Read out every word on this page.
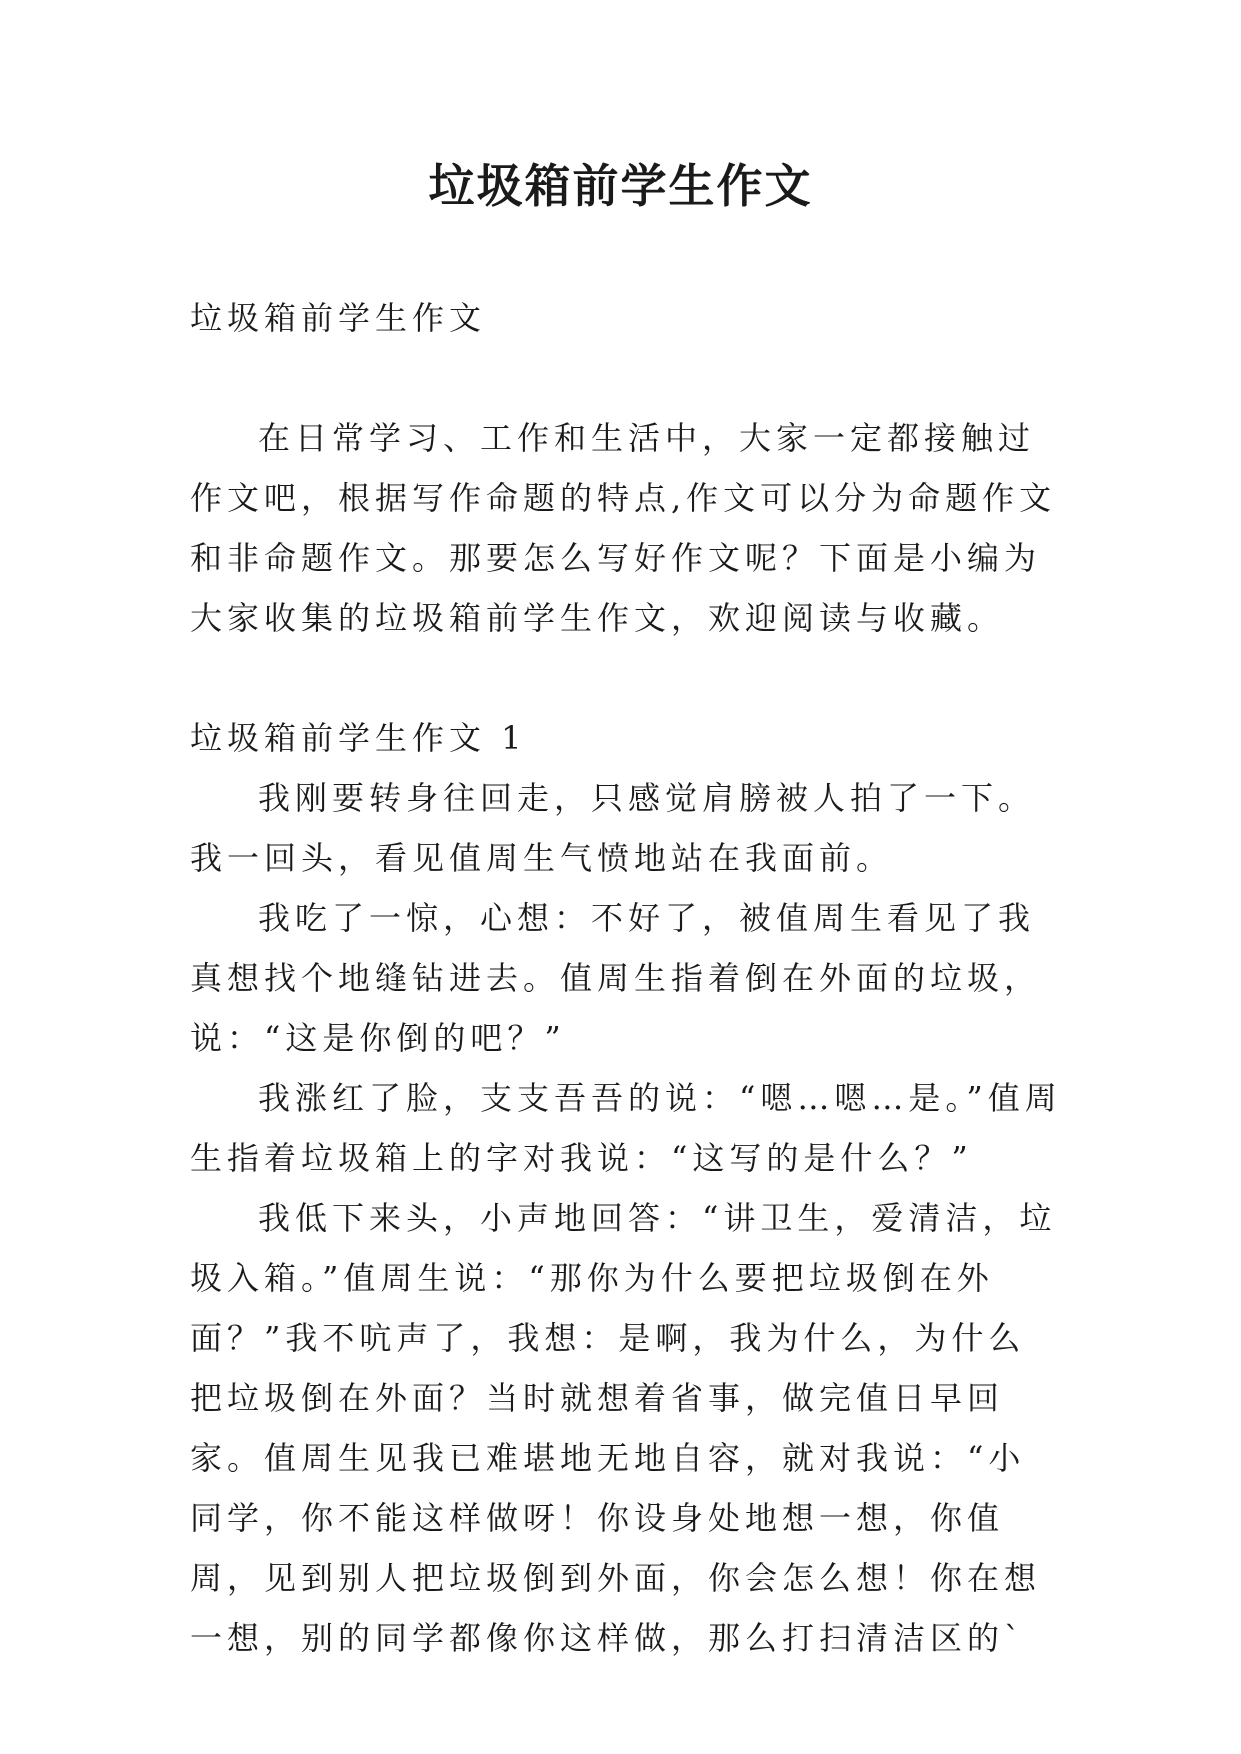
垃圾箱前学生作文

垃圾箱前学生作文

在日常学习、工作和生活中，大家一定都接触过作文吧，根据写作命题的特点,作文可以分为命题作文和非命题作文。那要怎么写好作文呢？下面是小编为大家收集的垃圾箱前学生作文，欢迎阅读与收藏。

垃圾箱前学生作文 1

我刚要转身往回走，只感觉肩膀被人拍了一下。我一回头，看见值周生气愤地站在我面前。

我吃了一惊，心想：不好了，被值周生看见了我真想找个地缝钻进去。值周生指着倒在外面的垃圾，说：“这是你倒的吧？”

我涨红了脸，支支吾吾的说：“嗯…嗯…是。”值周生指着垃圾箱上的字对我说：“这写的是什么？”

我低下来头，小声地回答：“讲卫生，爱清洁，垃圾入箱。”值周生说：“那你为什么要把垃圾倒在外面？”我不吭声了，我想：是啊，我为什么，为什么把垃圾倒在外面？当时就想着省事，做完值日早回家。值周生见我已难堪地无地自容，就对我说：“小同学，你不能这样做呀！你设身处地想一想，你值周，见到别人把垃圾倒到外面，你会怎么想！你在想一想，别的同学都像你这样做，那么打扫清洁区的`
